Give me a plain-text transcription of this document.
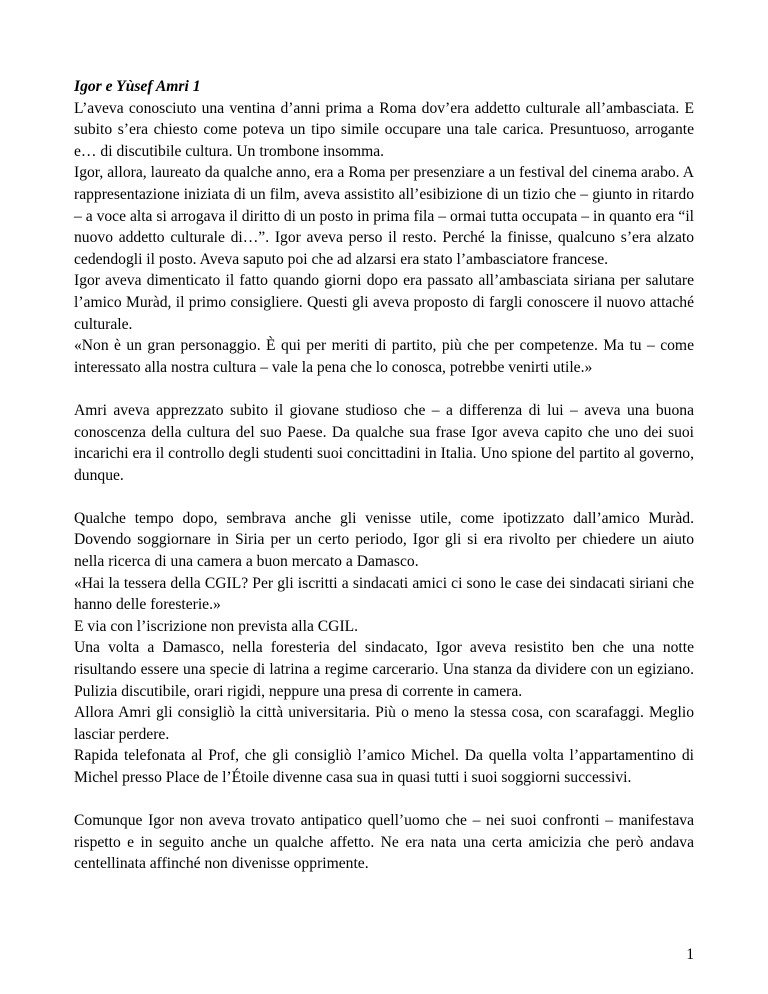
Igor e Yùsef Amri 1

L’aveva conosciuto una ventina d’anni prima a Roma dov’era addetto culturale all’ambasciata. E subito s’era chiesto come poteva un tipo simile occupare una tale carica. Presuntuoso, arrogante e… di discutibile cultura. Un trombone insomma.

Igor, allora, laureato da qualche anno, era a Roma per presenziare a un festival del cinema arabo. A rappresentazione iniziata di un film, aveva assistito all’esibizione di un tizio che – giunto in ritardo – a voce alta si arrogava il diritto di un posto in prima fila – ormai tutta occupata – in quanto era “il nuovo addetto culturale di…”. Igor aveva perso il resto. Perché la finisse, qualcuno s’era alzato cedendogli il posto. Aveva saputo poi che ad alzarsi era stato l’ambasciatore francese.

Igor aveva dimenticato il fatto quando giorni dopo era passato all’ambasciata siriana per salutare l’amico Muràd, il primo consigliere. Questi gli aveva proposto di fargli conoscere il nuovo attaché culturale.

«Non è un gran personaggio. È qui per meriti di partito, più che per competenze. Ma tu – come interessato alla nostra cultura – vale la pena che lo conosca, potrebbe venirti utile.»

Amri aveva apprezzato subito il giovane studioso che – a differenza di lui – aveva una buona conoscenza della cultura del suo Paese. Da qualche sua frase Igor aveva capito che uno dei suoi incarichi era il controllo degli studenti suoi concittadini in Italia. Uno spione del partito al governo, dunque.

Qualche tempo dopo, sembrava anche gli venisse utile, come ipotizzato dall’amico Muràd. Dovendo soggiornare in Siria per un certo periodo, Igor gli si era rivolto per chiedere un aiuto nella ricerca di una camera a buon mercato a Damasco.

«Hai la tessera della CGIL? Per gli iscritti a sindacati amici ci sono le case dei sindacati siriani che hanno delle foresterie.»

E via con l’iscrizione non prevista alla CGIL.

Una volta a Damasco, nella foresteria del sindacato, Igor aveva resistito ben che una notte risultando essere una specie di latrina a regime carcerario. Una stanza da dividere con un egiziano. Pulizia discutibile, orari rigidi, neppure una presa di corrente in camera.

Allora Amri gli consigliò la città universitaria. Più o meno la stessa cosa, con scarafaggi. Meglio lasciar perdere.

Rapida telefonata al Prof, che gli consigliò l’amico Michel. Da quella volta l’appartamentino di Michel presso Place de l’Étoile divenne casa sua in quasi tutti i suoi soggiorni successivi.

Comunque Igor non aveva trovato antipatico quell’uomo che – nei suoi confronti – manifestava rispetto e in seguito anche un qualche affetto. Ne era nata una certa amicizia che però andava centellinata affinché non divenisse opprimente.

1
